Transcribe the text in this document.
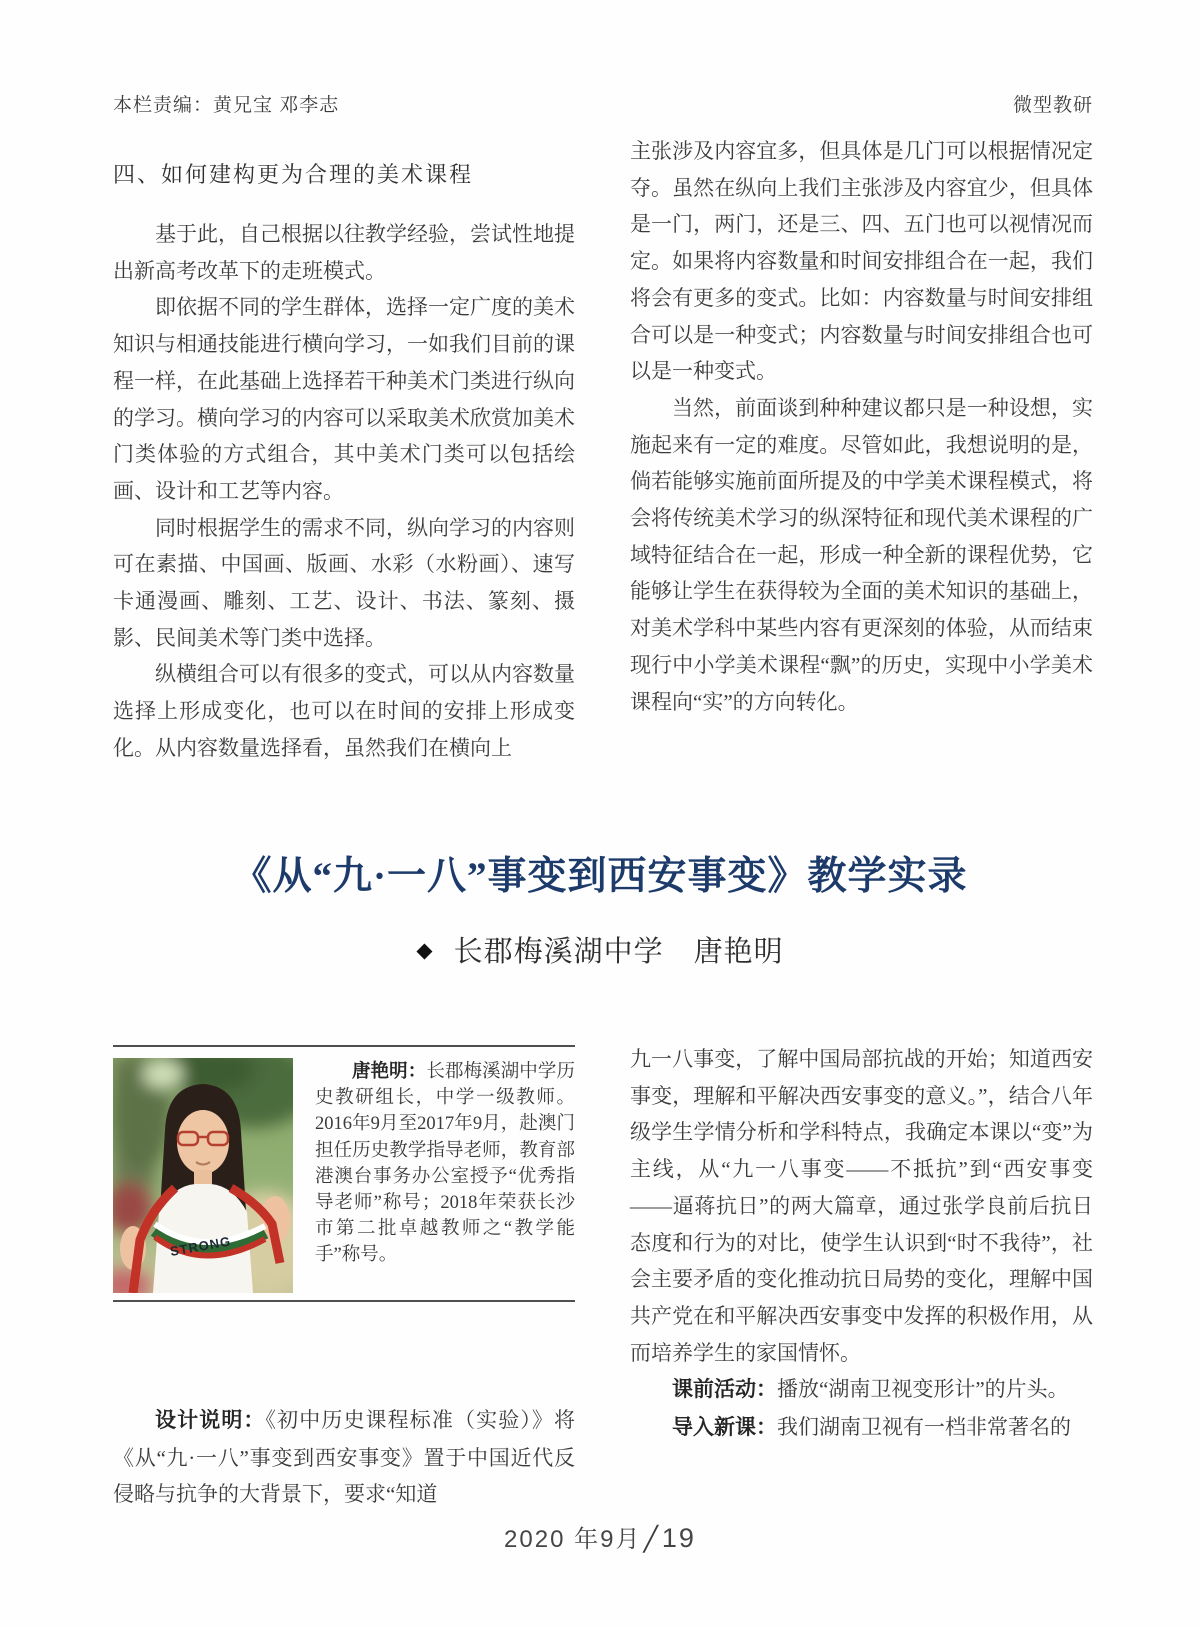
本栏责编：黄兄宝 邓李志	微型教研
四、如何建构更为合理的美术课程

基于此，自己根据以往教学经验，尝试性地提出新高考改革下的走班模式。

即依据不同的学生群体，选择一定广度的美术知识与相通技能进行横向学习，一如我们目前的课程一样，在此基础上选择若干种美术门类进行纵向的学习。横向学习的内容可以采取美术欣赏加美术门类体验的方式组合，其中美术门类可以包括绘画、设计和工艺等内容。

同时根据学生的需求不同，纵向学习的内容则可在素描、中国画、版画、水彩（水粉画）、速写卡通漫画、雕刻、工艺、设计、书法、篆刻、摄影、民间美术等门类中选择。

纵横组合可以有很多的变式，可以从内容数量选择上形成变化，也可以在时间的安排上形成变化。从内容数量选择看，虽然我们在横向上

主张涉及内容宜多，但具体是几门可以根据情况定夺。虽然在纵向上我们主张涉及内容宜少，但具体是一门，两门，还是三、四、五门也可以视情况而定。如果将内容数量和时间安排组合在一起，我们将会有更多的变式。比如：内容数量与时间安排组合可以是一种变式；内容数量与时间安排组合也可以是一种变式。

当然，前面谈到种种建议都只是一种设想，实施起来有一定的难度。尽管如此，我想说明的是，倘若能够实施前面所提及的中学美术课程模式，将会将传统美术学习的纵深特征和现代美术课程的广域特征结合在一起，形成一种全新的课程优势，它能够让学生在获得较为全面的美术知识的基础上，对美术学科中某些内容有更深刻的体验，从而结束现行中小学美术课程“飘”的历史，实现中小学美术课程向“实”的方向转化。

《从“九·一八”事变到西安事变》教学实录
◆ 长郡梅溪湖中学　唐艳明
STRONG

唐艳明：长郡梅溪湖中学历史教研组长，中学一级教师。2016年9月至2017年9月，赴澳门担任历史教学指导老师，教育部港澳台事务办公室授予“优秀指导老师”称号；2018年荣获长沙市第二批卓越教师之“教学能手”称号。

设计说明：《初中历史课程标准（实验）》将《从“九·一八”事变到西安事变》置于中国近代反侵略与抗争的大背景下，要求“知道

九一八事变，了解中国局部抗战的开始；知道西安事变，理解和平解决西安事变的意义。”，结合八年级学生学情分析和学科特点，我确定本课以“变”为主线，从“九一八事变——不抵抗”到“西安事变——逼蒋抗日”的两大篇章，通过张学良前后抗日态度和行为的对比，使学生认识到“时不我待”，社会主要矛盾的变化推动抗日局势的变化，理解中国共产党在和平解决西安事变中发挥的积极作用，从而培养学生的家国情怀。

课前活动：播放“湖南卫视变形计”的片头。

导入新课：我们湖南卫视有一档非常著名的

2020 年9月╱19
